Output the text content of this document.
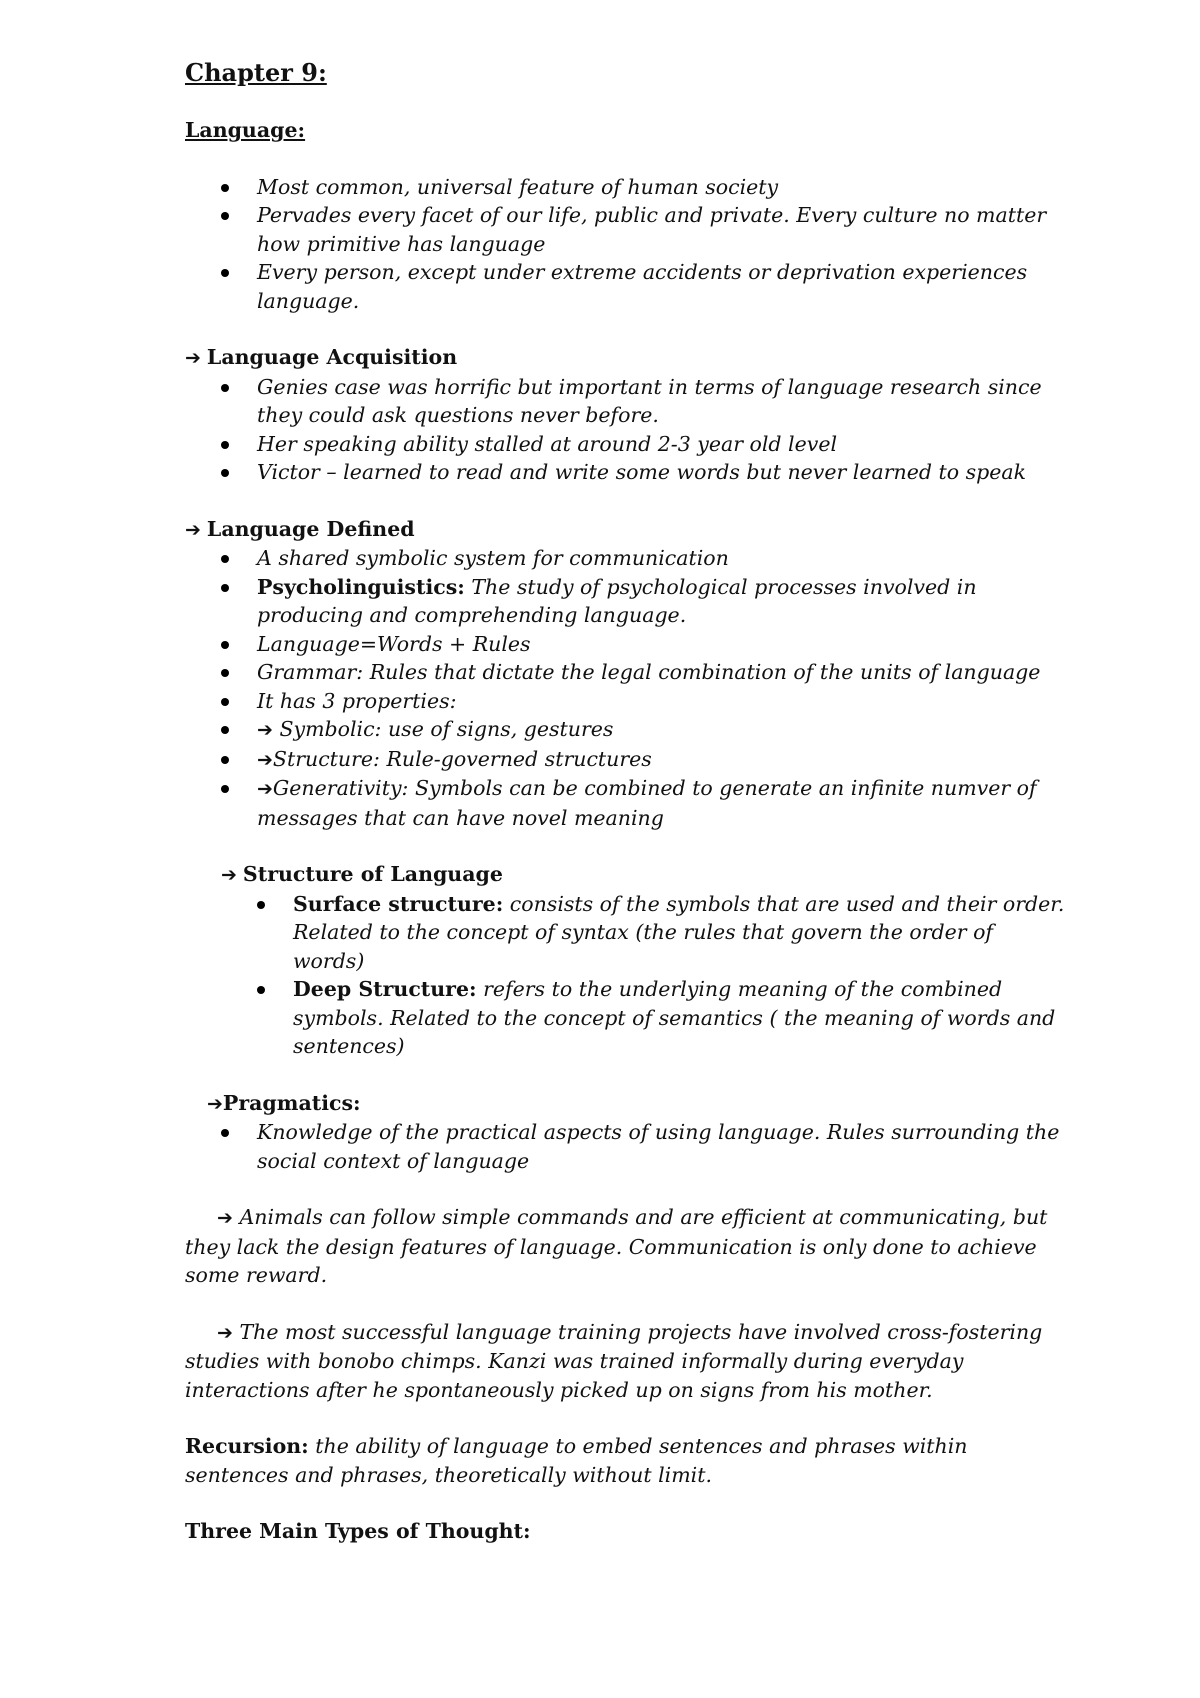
Chapter 9:
Language:
Most common, universal feature of human society
Pervades every facet of our life, public and private. Every culture no matter how primitive has language
Every person, except under extreme accidents or deprivation experiences language.
➔ Language Acquisition
Genies case was horrific but important in terms of language research since they could ask questions never before.
Her speaking ability stalled at around 2-3 year old level
Victor – learned to read and write some words but never learned to speak
➔ Language Defined
A shared symbolic system for communication
Psycholinguistics: The study of psychological processes involved in producing and comprehending language.
Language=Words + Rules
Grammar: Rules that dictate the legal combination of the units of language
It has 3 properties:
➔ Symbolic: use of signs, gestures
➔Structure: Rule-governed structures
➔Generativity: Symbols can be combined to generate an infinite numver of messages that can have novel meaning
➔ Structure of Language
Surface structure: consists of the symbols that are used and their order. Related to the concept of syntax (the rules that govern the order of words)
Deep Structure: refers to the underlying meaning of the combined symbols. Related to the concept of semantics ( the meaning of words and sentences)
➔Pragmatics:
Knowledge of the practical aspects of using language. Rules surrounding the social context of language

➔ Animals can follow simple commands and are efficient at communicating, but they lack the design features of language. Communication is only done to achieve some reward.

➔ The most successful language training projects have involved cross-fostering studies with bonobo chimps. Kanzi was trained informally during everyday interactions after he spontaneously picked up on signs from his mother.

Recursion: the ability of language to embed sentences and phrases within sentences and phrases, theoretically without limit.

Three Main Types of Thought:
